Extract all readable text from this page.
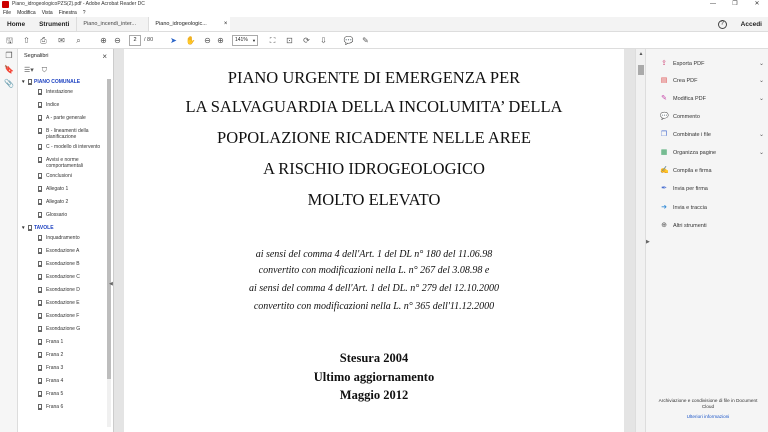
Piano_idrogeologicoPZS(2).pdf - Adobe Acrobat Reader DC	—	❐	✕
File Modifica Vista Finestra ?
Home	Strumenti	Piano_incendi_inter...	Piano_idrogeologic...	×	?	Accedi
🖫 ⇧ ⎙ ✉	⌕	⊕ ⊖	2	/ 80 ➤ ✋ ⊖ ⊕	141% ▼	⛶	⊡ ⟳ ⇩ 💬 ✎
❐
🔖
📎
Segnalibri	×
☰▾ ⛉
▾ PIANO COMUNALE
Intestazione
Indice
A - parte generale
B - lineamenti della pianificazione
C - modello di intervento
Avvisi e norme comportamentali
Conclusioni
Allegato 1
Allegato 2
Glossario
▾ TAVOLE
Inquadramento
Esondazione A
Esondazione B
Esondazione C
Esondazione D
Esondazione E
Esondazione F
Esondazione G
Frana 1
Frana 2
Frana 3
Frana 4
Frana 5
Frana 6
◀
PIANO URGENTE DI EMERGENZA PER
LA SALVAGUARDIA DELLA INCOLUMITA’ DELLA
POPOLAZIONE RICADENTE NELLE AREE
A RISCHIO IDROGEOLOGICO
MOLTO ELEVATO
ai sensi del comma 4 dell'Art. 1 del DL n° 180 del 11.06.98
convertito con modificazioni nella L. n° 267 del 3.08.98 e
ai sensi del comma 4 dell'Art. 1 del DL. n° 279 del 12.10.2000
convertito con modificazioni nella L. n° 365 dell'11.12.2000
Stesura 2004
Ultimo aggiornamento
Maggio 2012
▲
▶
⇪ Esporta PDF	⌄
▤ Crea PDF	⌄
✎ Modifica PDF	⌄
💬 Commento
❐ Combinate i file	⌄
▦ Organizza pagine	⌄
✍ Compila e firma
✒ Invia per firma
➜ Invia e traccia
⊕ Altri strumenti
Archiviazione e condivisione di file in Document Cloud
Ulteriori informazioni
